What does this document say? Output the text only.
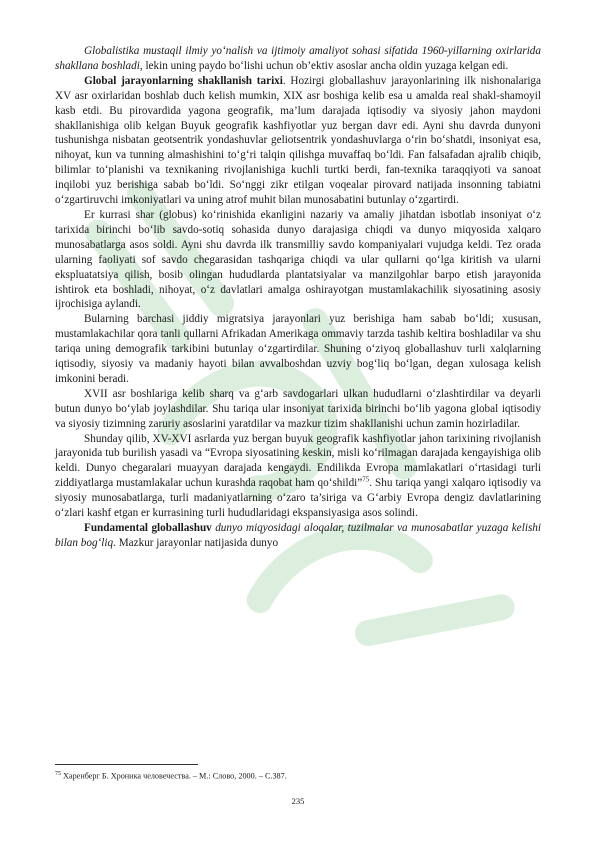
Globalistika mustaqil ilmiy yo‘nalish va ijtimoiy amaliyot sohasi sifatida 1960-yillarning oxirlarida shakllana boshladi, lekin uning paydo bo‘lishi uchun ob’ektiv asoslar ancha oldin yuzaga kelgan edi.

Global jarayonlarning shakllanish tarixi. Hozirgi globallashuv jarayonlarining ilk nishonalariga XV asr oxirlaridan boshlab duch kelish mumkin, XIX asr boshiga kelib esa u amalda real shakl-shamoyil kasb etdi. Bu pirovardida yagona geografik, ma’lum darajada iqtisodiy va siyosiy jahon maydoni shakllanishiga olib kelgan Buyuk geografik kashfiyotlar yuz bergan davr edi. Ayni shu davrda dunyoni tushunishga nisbatan geotsentrik yondashuvlar geliotsentrik yondashuvlarga o‘rin bo‘shatdi, insoniyat esa, nihoyat, kun va tunning almashishini to‘g‘ri talqin qilishga muvaffaq bo‘ldi. Fan falsafadan ajralib chiqib, bilimlar to‘planishi va texnikaning rivojlanishiga kuchli turtki berdi, fan-texnika taraqqiyoti va sanoat inqilobi yuz berishiga sabab bo‘ldi. So‘nggi zikr etilgan voqealar pirovard natijada insonning tabiatni o‘zgartiruvchi imkoniyatlari va uning atrof muhit bilan munosabatini butunlay o‘zgartirdi.

Er kurrasi shar (globus) ko‘rinishida ekanligini nazariy va amaliy jihatdan isbotlab insoniyat o‘z tarixida birinchi bo‘lib savdo-sotiq sohasida dunyo darajasiga chiqdi va dunyo miqyosida xalqaro munosabatlarga asos soldi. Ayni shu davrda ilk transmilliy savdo kompaniyalari vujudga keldi. Tez orada ularning faoliyati sof savdo chegarasidan tashqariga chiqdi va ular qullarni qo‘lga kiritish va ularni ekspluatatsiya qilish, bosib olingan hududlarda plantatsiyalar va manzilgohlar barpo etish jarayonida ishtirok eta boshladi, nihoyat, o‘z davlatlari amalga oshirayotgan mustamlakachilik siyosatining asosiy ijrochisiga aylandi.

Bularning barchasi jiddiy migratsiya jarayonlari yuz berishiga ham sabab bo‘ldi; xususan, mustamlakachilar qora tanli qullarni Afrikadan Amerikaga ommaviy tarzda tashib keltira boshladilar va shu tariqa uning demografik tarkibini butunlay o‘zgartirdilar. Shuning o‘ziyoq globallashuv turli xalqlarning iqtisodiy, siyosiy va madaniy hayoti bilan avvalboshdan uzviy bog‘liq bo‘lgan, degan xulosaga kelish imkonini beradi.

XVII asr boshlariga kelib sharq va g‘arb savdogarlari ulkan hududlarni o‘zlashtirdilar va deyarli butun dunyo bo‘ylab joylashdilar. Shu tariqa ular insoniyat tarixida birinchi bo‘lib yagona global iqtisodiy va siyosiy tizimning zaruriy asoslarini yaratdilar va mazkur tizim shakllanishi uchun zamin hozirladilar.

Shunday qilib, XV-XVI asrlarda yuz bergan buyuk geografik kashfiyotlar jahon tarixining rivojlanish jarayonida tub burilish yasadi va “Evropa siyosatining keskin, misli ko‘rilmagan darajada kengayishiga olib keldi. Dunyo chegaralari muayyan darajada kengaydi. Endilikda Evropa mamlakatlari o‘rtasidagi turli ziddiyatlarga mustamlakalar uchun kurashda raqobat ham qo‘shildi”$^{75}$. Shu tariqa yangi xalqaro iqtisodiy va siyosiy munosabatlarga, turli madaniyatlarning o‘zaro ta’siriga va G‘arbiy Evropa dengiz davlatlarining o‘zlari kashf etgan er kurrasining turli hududlaridagi ekspansiyasiga asos solindi.

Fundamental globallashuv dunyo miqyosidagi aloqalar, tuzilmalar va munosabatlar yuzaga kelishi bilan bog‘liq. Mazkur jarayonlar natijasida dunyo

$^{75}$ Харенберг Б. Хроника человечества. – М.: Слово, 2000. – С.387.
235
